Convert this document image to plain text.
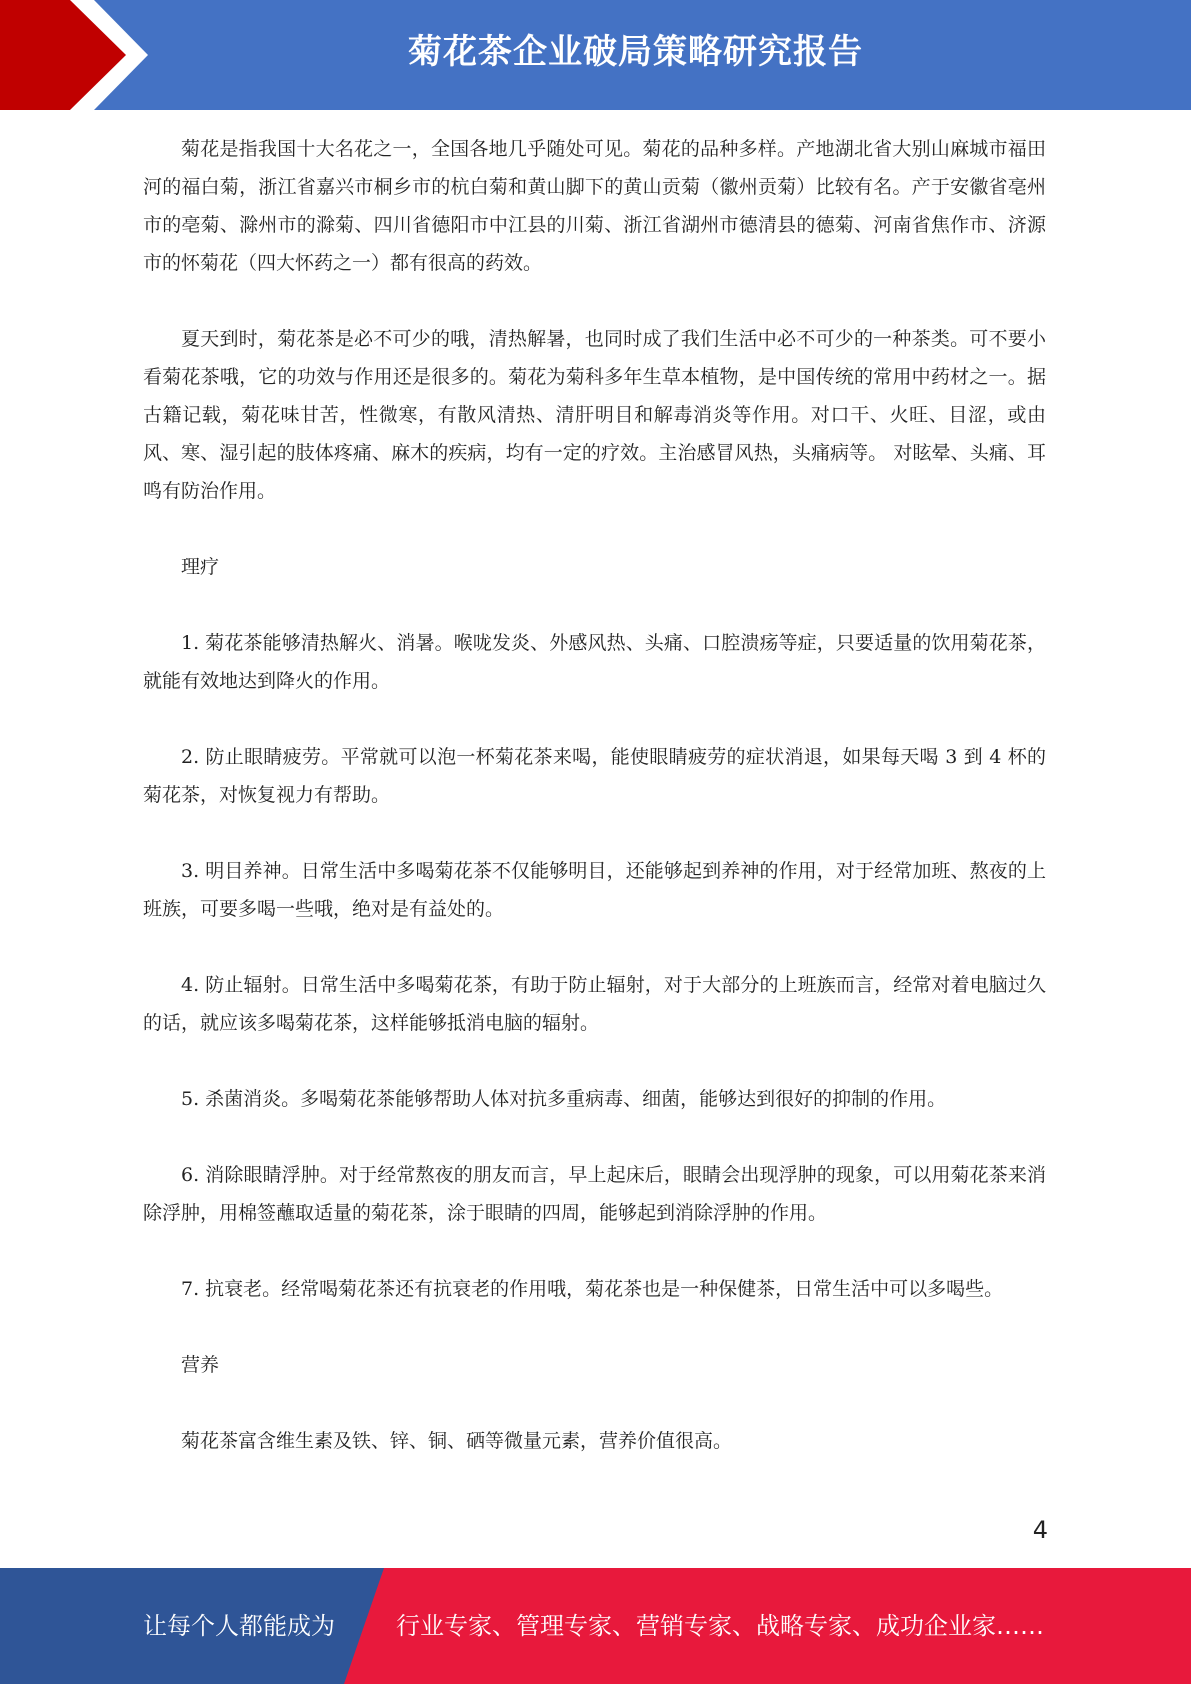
菊花茶企业破局策略研究报告

菊花是指我国十大名花之一，全国各地几乎随处可见。菊花的品种多样。产地湖北省大别山麻城市福田河的福白菊，浙江省嘉兴市桐乡市的杭白菊和黄山脚下的黄山贡菊（徽州贡菊）比较有名。产于安徽省亳州市的亳菊、滁州市的滁菊、四川省德阳市中江县的川菊、浙江省湖州市德清县的德菊、河南省焦作市、济源市的怀菊花（四大怀药之一）都有很高的药效。

夏天到时，菊花茶是必不可少的哦，清热解暑，也同时成了我们生活中必不可少的一种茶类。可不要小看菊花茶哦，它的功效与作用还是很多的。菊花为菊科多年生草本植物，是中国传统的常用中药材之一。据古籍记载，菊花味甘苦，性微寒，有散风清热、清肝明目和解毒消炎等作用。对口干、火旺、目涩，或由风、寒、湿引起的肢体疼痛、麻木的疾病，均有一定的疗效。主治感冒风热，头痛病等。 对眩晕、头痛、耳鸣有防治作用。

理疗

1. 菊花茶能够清热解火、消暑。喉咙发炎、外感风热、头痛、口腔溃疡等症，只要适量的饮用菊花茶，就能有效地达到降火的作用。

2. 防止眼睛疲劳。平常就可以泡一杯菊花茶来喝，能使眼睛疲劳的症状消退，如果每天喝 3 到 4 杯的菊花茶，对恢复视力有帮助。

3. 明目养神。日常生活中多喝菊花茶不仅能够明目，还能够起到养神的作用，对于经常加班、熬夜的上班族，可要多喝一些哦，绝对是有益处的。

4. 防止辐射。日常生活中多喝菊花茶，有助于防止辐射，对于大部分的上班族而言，经常对着电脑过久的话，就应该多喝菊花茶，这样能够抵消电脑的辐射。

5. 杀菌消炎。多喝菊花茶能够帮助人体对抗多重病毒、细菌，能够达到很好的抑制的作用。

6. 消除眼睛浮肿。对于经常熬夜的朋友而言，早上起床后，眼睛会出现浮肿的现象，可以用菊花茶来消除浮肿，用棉签蘸取适量的菊花茶，涂于眼睛的四周，能够起到消除浮肿的作用。

7. 抗衰老。经常喝菊花茶还有抗衰老的作用哦，菊花茶也是一种保健茶，日常生活中可以多喝些。

营养

菊花茶富含维生素及铁、锌、铜、硒等微量元素，营养价值很高。

4
让每个人都能成为	行业专家、管理专家、营销专家、战略专家、成功企业家……
